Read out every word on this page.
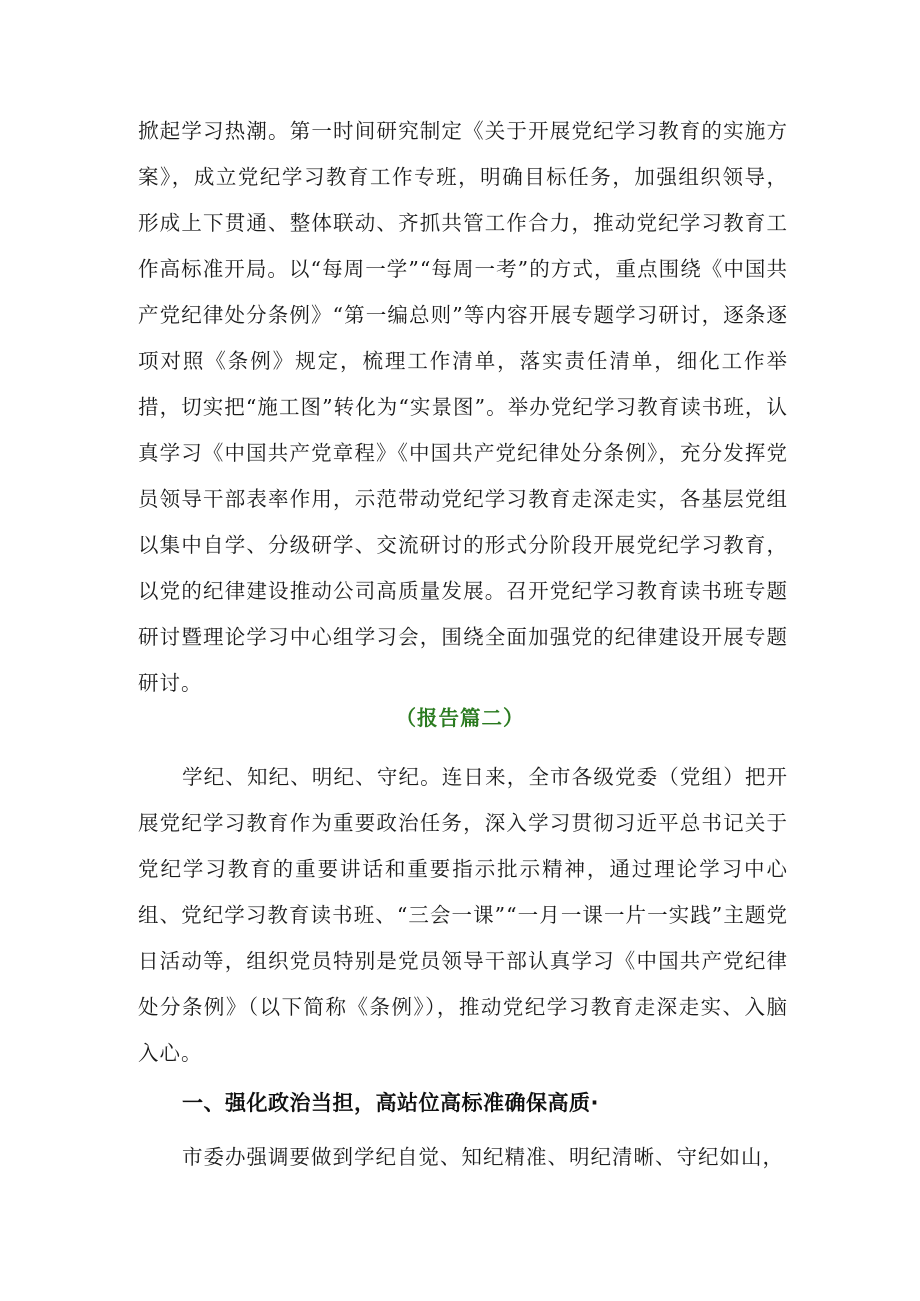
掀起学习热潮。第一时间研究制定《关于开展党纪学习教育的实施方案》，成立党纪学习教育工作专班，明确目标任务，加强组织领导，形成上下贯通、整体联动、齐抓共管工作合力，推动党纪学习教育工作高标准开局。以“每周一学”“每周一考”的方式，重点围绕《中国共产党纪律处分条例》“第一编总则”等内容开展专题学习研讨，逐条逐项对照《条例》规定，梳理工作清单，落实责任清单，细化工作举措，切实把“施工图”转化为“实景图”。举办党纪学习教育读书班，认真学习《中国共产党章程》《中国共产党纪律处分条例》，充分发挥党员领导干部表率作用，示范带动党纪学习教育走深走实，各基层党组以集中自学、分级研学、交流研讨的形式分阶段开展党纪学习教育，以党的纪律建设推动公司高质量发展。召开党纪学习教育读书班专题研讨暨理论学习中心组学习会，围绕全面加强党的纪律建设开展专题研讨。

（报告篇二）

学纪、知纪、明纪、守纪。连日来，全市各级党委（党组）把开展党纪学习教育作为重要政治任务，深入学习贯彻习近平总书记关于党纪学习教育的重要讲话和重要指示批示精神，通过理论学习中心组、党纪学习教育读书班、“三会一课”“一月一课一片一实践”主题党日活动等，组织党员特别是党员领导干部认真学习《中国共产党纪律处分条例》（以下简称《条例》），推动党纪学习教育走深走实、入脑入心。

一、强化政治当担，高站位高标准确保高质·

市委办强调要做到学纪自觉、知纪精准、明纪清晰、守纪如山，
